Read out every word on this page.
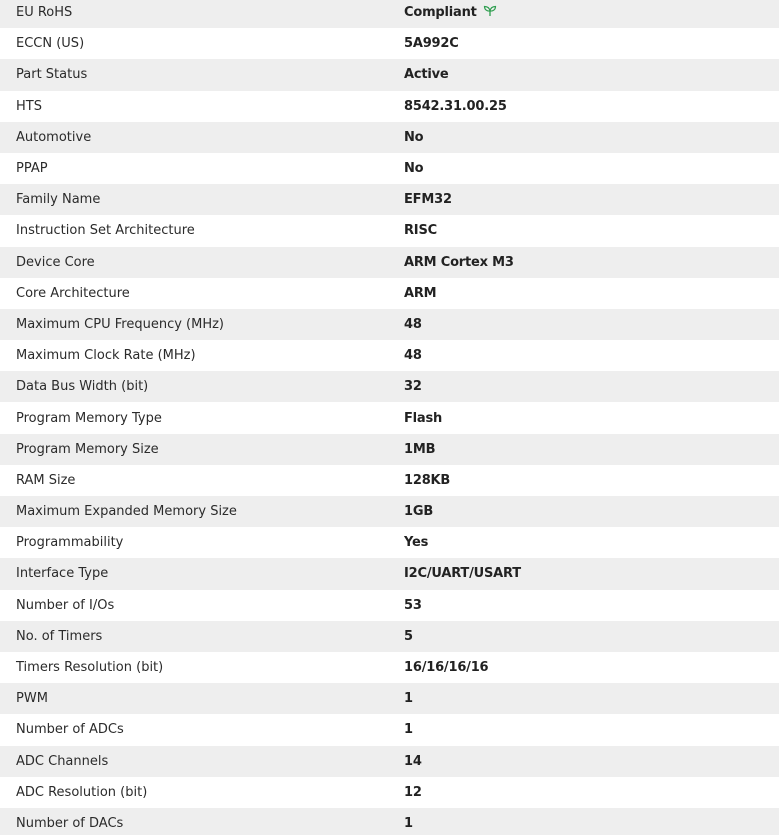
EU RoHS	Compliant
ECCN (US)	5A992C
Part Status	Active
HTS	8542.31.00.25
Automotive	No
PPAP	No
Family Name	EFM32
Instruction Set Architecture	RISC
Device Core	ARM Cortex M3
Core Architecture	ARM
Maximum CPU Frequency (MHz)	48
Maximum Clock Rate (MHz)	48
Data Bus Width (bit)	32
Program Memory Type	Flash
Program Memory Size	1MB
RAM Size	128KB
Maximum Expanded Memory Size	1GB
Programmability	Yes
Interface Type	I2C/UART/USART
Number of I/Os	53
No. of Timers	5
Timers Resolution (bit)	16/16/16/16
PWM	1
Number of ADCs	1
ADC Channels	14
ADC Resolution (bit)	12
Number of DACs	1
